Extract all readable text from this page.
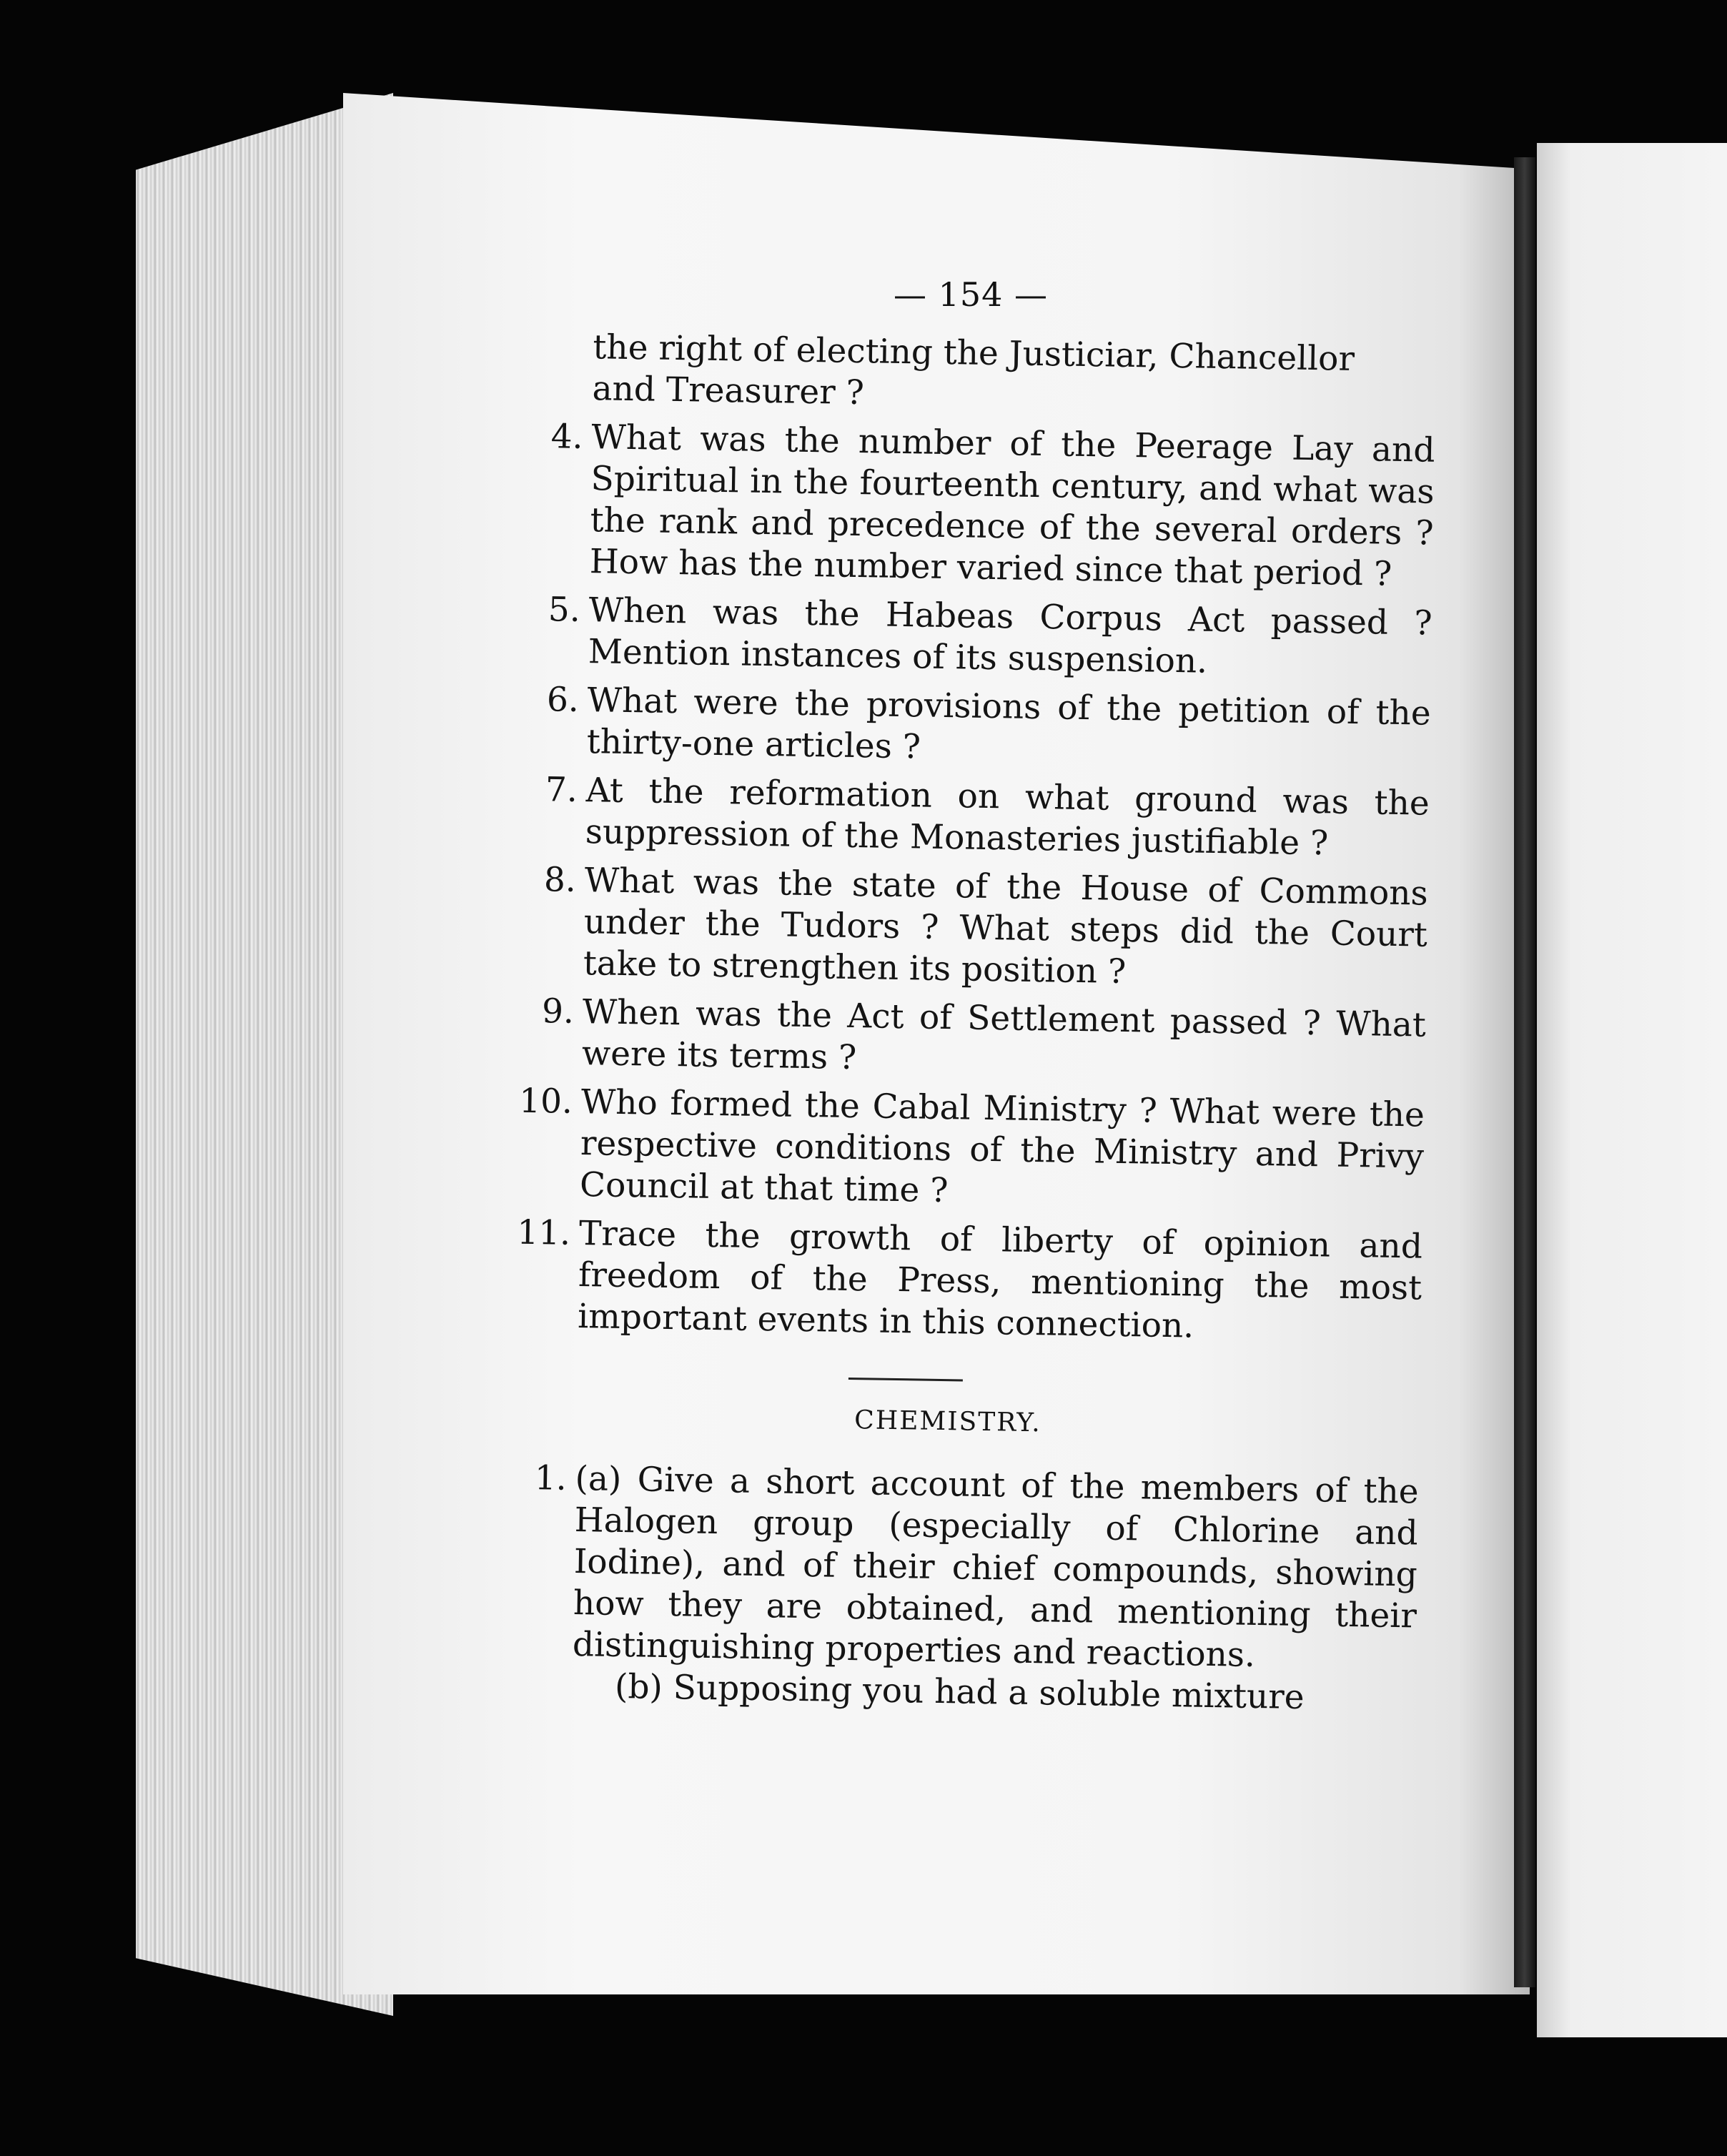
— 154 —
the right of electing the Justiciar, Chancellor
and Treasurer ?
4. What was the number of the Peerage Lay and Spiritual in the fourteenth century, and what was the rank and precedence of the several orders ? How has the number varied since that period ?
5. When was the Habeas Corpus Act passed ? Mention instances of its suspension.
6. What were the provisions of the petition of the thirty-one articles ?
7. At the reformation on what ground was the suppression of the Monasteries justifiable ?
8. What was the state of the House of Commons under the Tudors ? What steps did the Court take to strengthen its position ?
9. When was the Act of Settlement passed ? What were its terms ?
10. Who formed the Cabal Ministry ? What were the respective conditions of the Ministry and Privy Council at that time ?
11. Trace the growth of liberty of opinion and freedom of the Press, mentioning the most important events in this connection.
CHEMISTRY.
1. (a) Give a short account of the members of the Halogen group (especially of Chlorine and Iodine), and of their chief compounds, showing how they are obtained, and mentioning their distinguishing properties and reactions.
(b) Supposing you had a soluble mixture
